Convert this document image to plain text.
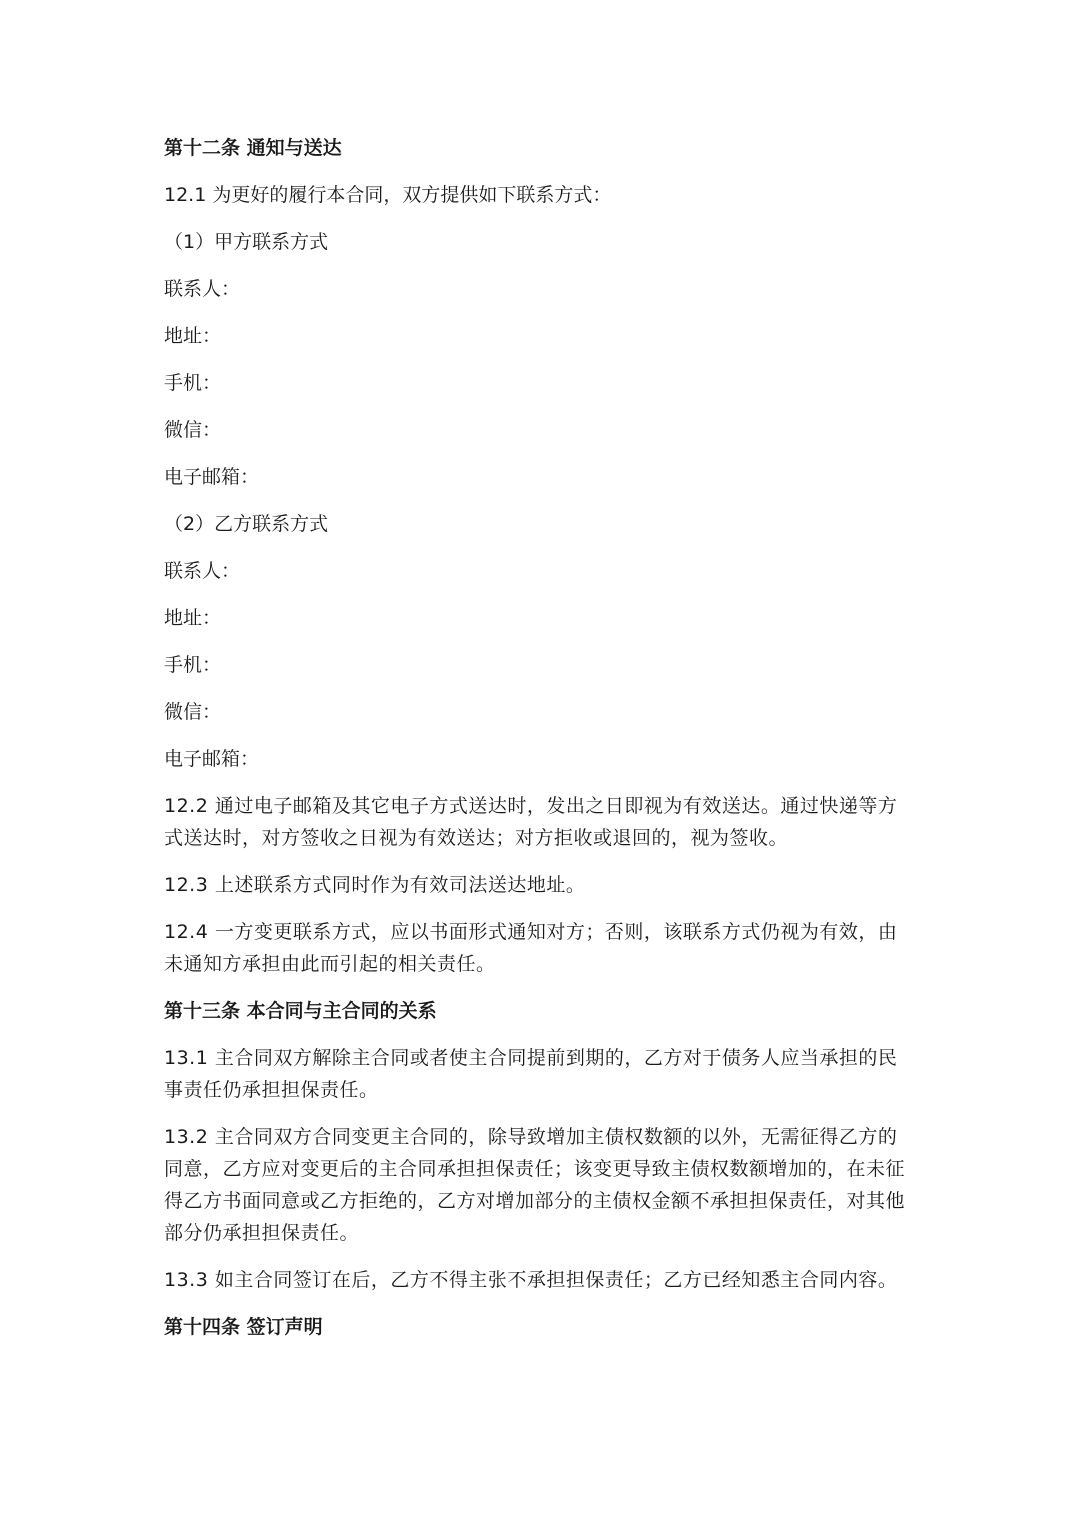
第十二条 通知与送达

12.1 为更好的履行本合同，双方提供如下联系方式：

（1）甲方联系方式

联系人：

地址：

手机：

微信：

电子邮箱：

（2）乙方联系方式

联系人：

地址：

手机：

微信：

电子邮箱：

12.2 通过电子邮箱及其它电子方式送达时，发出之日即视为有效送达。通过快递等方式送达时，对方签收之日视为有效送达；对方拒收或退回的，视为签收。

12.3 上述联系方式同时作为有效司法送达地址。

12.4 一方变更联系方式，应以书面形式通知对方；否则，该联系方式仍视为有效，由未通知方承担由此而引起的相关责任。

第十三条 本合同与主合同的关系

13.1 主合同双方解除主合同或者使主合同提前到期的，乙方对于债务人应当承担的民事责任仍承担担保责任。

13.2 主合同双方合同变更主合同的，除导致增加主债权数额的以外，无需征得乙方的同意，乙方应对变更后的主合同承担担保责任；该变更导致主债权数额增加的，在未征得乙方书面同意或乙方拒绝的，乙方对增加部分的主债权金额不承担担保责任，对其他部分仍承担担保责任。

13.3 如主合同签订在后，乙方不得主张不承担担保责任；乙方已经知悉主合同内容。

第十四条 签订声明
